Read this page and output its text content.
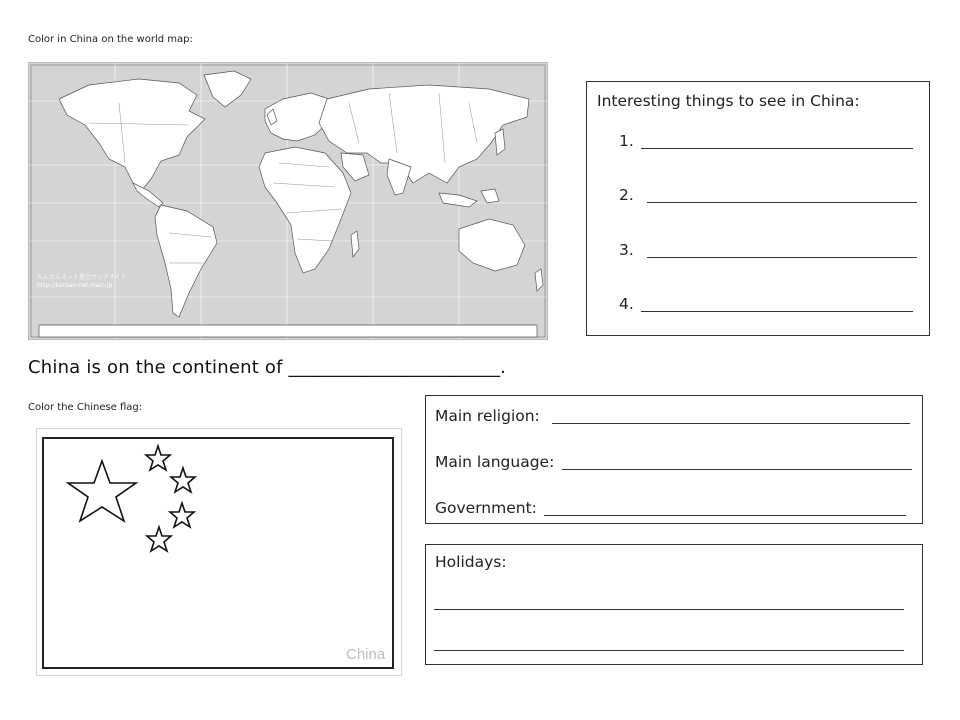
Color in China on the world map:
かんたんネット教会ワンクサイト
http://kantan-net.main.jp
China is on the continent of _______________________.
Interesting things to see in China:
1.
2.
3.
4.
Color the Chinese flag:
China
Main religion:
Main language:
Government:
Holidays:
